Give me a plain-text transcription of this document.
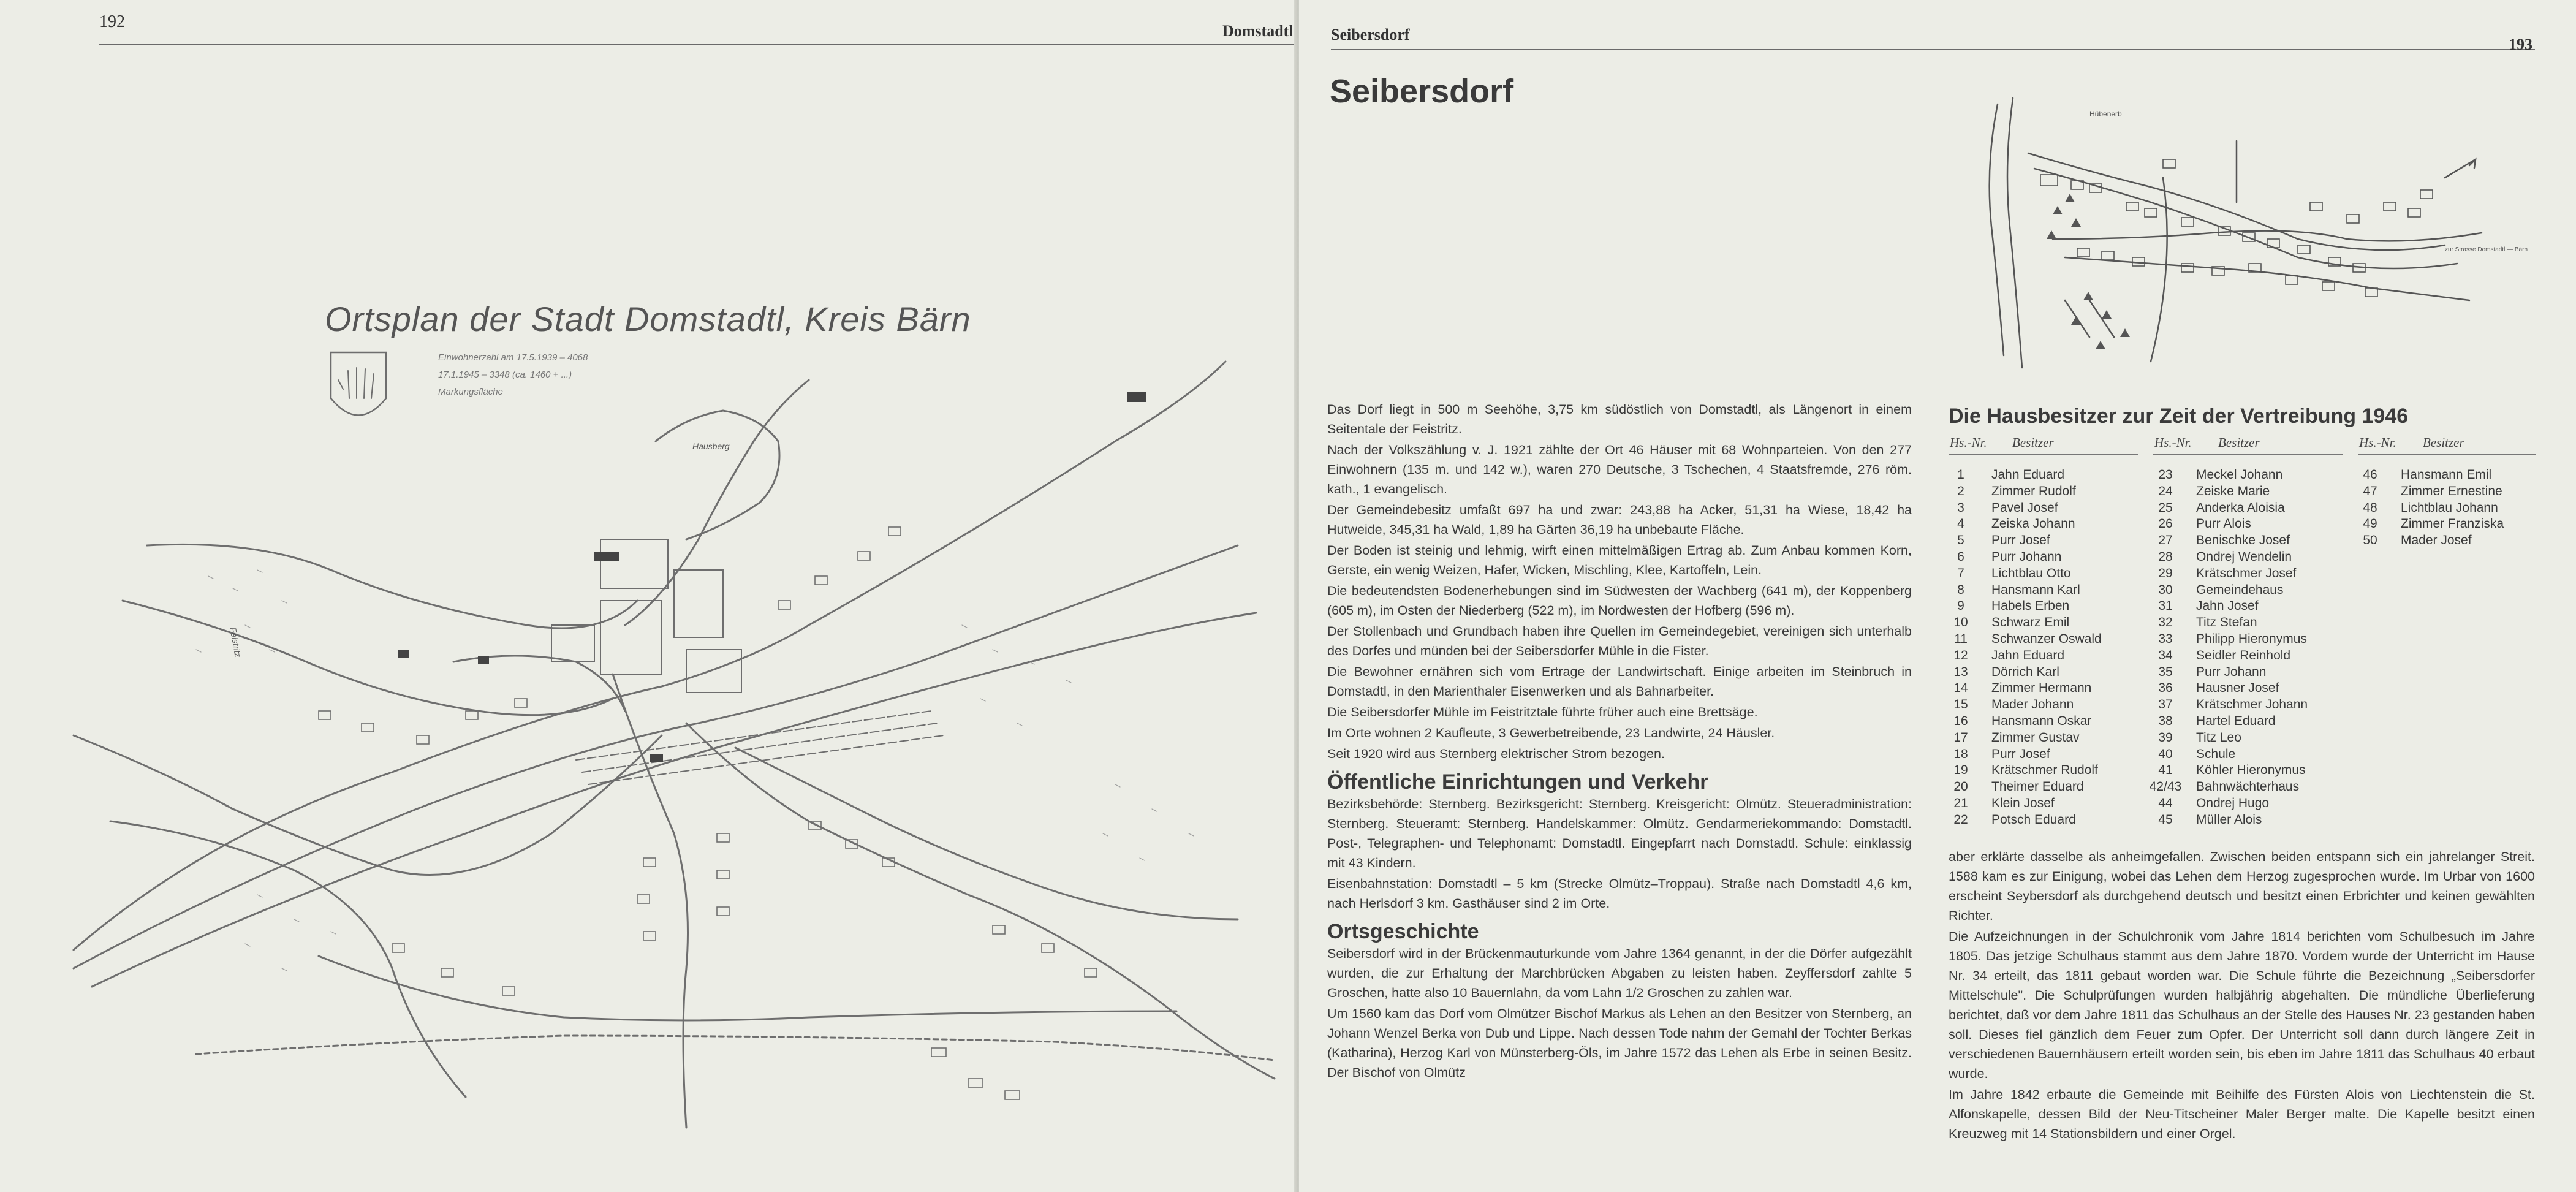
192	Domstadtl
Ortsplan der Stadt Domstadtl, Kreis Bärn
Einwohnerzahl am 17.5.1939 – 4068
17.1.1945 – 3348 (ca. 1460 + ...)
Markungsfläche
Hausberg
Feistritz
Seibersdorf
193
Seibersdorf
Hübenerb
zur Strasse Domstadtl — Bärn

Das Dorf liegt in 500 m Seehöhe, 3,75 km südöstlich von Domstadtl, als Längenort in einem Seitentale der Feistritz.

Nach der Volkszählung v. J. 1921 zählte der Ort 46 Häuser mit 68 Wohnparteien. Von den 277 Einwohnern (135 m. und 142 w.), waren 270 Deutsche, 3 Tschechen, 4 Staatsfremde, 276 röm. kath., 1 evangelisch.

Der Gemeindebesitz umfaßt 697 ha und zwar: 243,88 ha Acker, 51,31 ha Wiese, 18,42 ha Hutweide, 345,31 ha Wald, 1,89 ha Gärten 36,19 ha unbebaute Fläche.

Der Boden ist steinig und lehmig, wirft einen mittelmäßigen Ertrag ab. Zum Anbau kommen Korn, Gerste, ein wenig Weizen, Hafer, Wicken, Mischling, Klee, Kartoffeln, Lein.

Die bedeutendsten Bodenerhebungen sind im Südwesten der Wachberg (641 m), der Koppenberg (605 m), im Osten der Niederberg (522 m), im Nordwesten der Hofberg (596 m).

Der Stollenbach und Grundbach haben ihre Quellen im Gemeindegebiet, vereinigen sich unterhalb des Dorfes und münden bei der Seibersdorfer Mühle in die Fister.

Die Bewohner ernähren sich vom Ertrage der Landwirtschaft. Einige arbeiten im Steinbruch in Domstadtl, in den Marienthaler Eisenwerken und als Bahnarbeiter.

Die Seibersdorfer Mühle im Feistritztale führte früher auch eine Brettsäge.

Im Orte wohnen 2 Kaufleute, 3 Gewerbetreibende, 23 Landwirte, 24 Häusler.

Seit 1920 wird aus Sternberg elektrischer Strom bezogen.

Öffentliche Einrichtungen und Verkehr

Bezirksbehörde: Sternberg. Bezirksgericht: Sternberg. Kreisgericht: Olmütz. Steueradministration: Sternberg. Steueramt: Sternberg. Handelskammer: Olmütz. Gendarmeriekommando: Domstadtl. Post-, Telegraphen- und Telephonamt: Domstadtl. Eingepfarrt nach Domstadtl. Schule: einklassig mit 43 Kindern.

Eisenbahnstation: Domstadtl – 5 km (Strecke Olmütz–Troppau). Straße nach Domstadtl 4,6 km, nach Herlsdorf 3 km. Gasthäuser sind 2 im Orte.

Ortsgeschichte

Seibersdorf wird in der Brückenmauturkunde vom Jahre 1364 genannt, in der die Dörfer aufgezählt wurden, die zur Erhaltung der Marchbrücken Abgaben zu leisten haben. Zeyffersdorf zahlte 5 Groschen, hatte also 10 Bauernlahn, da vom Lahn 1/2 Groschen zu zahlen war.

Um 1560 kam das Dorf vom Olmützer Bischof Markus als Lehen an den Besitzer von Sternberg, an Johann Wenzel Berka von Dub und Lippe. Nach dessen Tode nahm der Gemahl der Tochter Berkas (Katharina), Herzog Karl von Münsterberg-Öls, im Jahre 1572 das Lehen als Erbe in seinen Besitz. Der Bischof von Olmütz

Die Hausbesitzer zur Zeit der Vertreibung 1946
Hs.-Nr. Besitzer	Hs.-Nr. Besitzer	Hs.-Nr. Besitzer
1	Jahn Eduard
2	Zimmer Rudolf
3	Pavel Josef
4	Zeiska Johann
5	Purr Josef
6	Purr Johann
7	Lichtblau Otto
8	Hansmann Karl
9	Habels Erben
10	Schwarz Emil
11	Schwanzer Oswald
12	Jahn Eduard
13	Dörrich Karl
14	Zimmer Hermann
15	Mader Johann
16	Hansmann Oskar
17	Zimmer Gustav
18	Purr Josef
19	Krätschmer Rudolf
20	Theimer Eduard
21	Klein Josef
22	Potsch Eduard
23	Meckel Johann
24	Zeiske Marie
25	Anderka Aloisia
26	Purr Alois
27	Benischke Josef
28	Ondrej Wendelin
29	Krätschmer Josef
30	Gemeindehaus
31	Jahn Josef
32	Titz Stefan
33	Philipp Hieronymus
34	Seidler Reinhold
35	Purr Johann
36	Hausner Josef
37	Krätschmer Johann
38	Hartel Eduard
39	Titz Leo
40	Schule
41	Köhler Hieronymus
42/43	Bahnwächterhaus
44	Ondrej Hugo
45	Müller Alois
46	Hansmann Emil
47	Zimmer Ernestine
48	Lichtblau Johann
49	Zimmer Franziska
50	Mader Josef

aber erklärte dasselbe als anheimgefallen. Zwischen beiden entspann sich ein jahrelanger Streit. 1588 kam es zur Einigung, wobei das Lehen dem Herzog zugesprochen wurde. Im Urbar von 1600 erscheint Seybersdorf als durchgehend deutsch und besitzt einen Erbrichter und keinen gewählten Richter.

Die Aufzeichnungen in der Schulchronik vom Jahre 1814 berichten vom Schulbesuch im Jahre 1805. Das jetzige Schulhaus stammt aus dem Jahre 1870. Vordem wurde der Unterricht im Hause Nr. 34 erteilt, das 1811 gebaut worden war. Die Schule führte die Bezeichnung „Seibersdorfer Mittelschule". Die Schulprüfungen wurden halbjährig abgehalten. Die mündliche Überlieferung berichtet, daß vor dem Jahre 1811 das Schulhaus an der Stelle des Hauses Nr. 23 gestanden haben soll. Dieses fiel gänzlich dem Feuer zum Opfer. Der Unterricht soll dann durch längere Zeit in verschiedenen Bauernhäusern erteilt worden sein, bis eben im Jahre 1811 das Schulhaus 40 erbaut wurde.

Im Jahre 1842 erbaute die Gemeinde mit Beihilfe des Fürsten Alois von Liechtenstein die St. Alfonskapelle, dessen Bild der Neu-Titscheiner Maler Berger malte. Die Kapelle besitzt einen Kreuzweg mit 14 Stationsbildern und einer Orgel.
